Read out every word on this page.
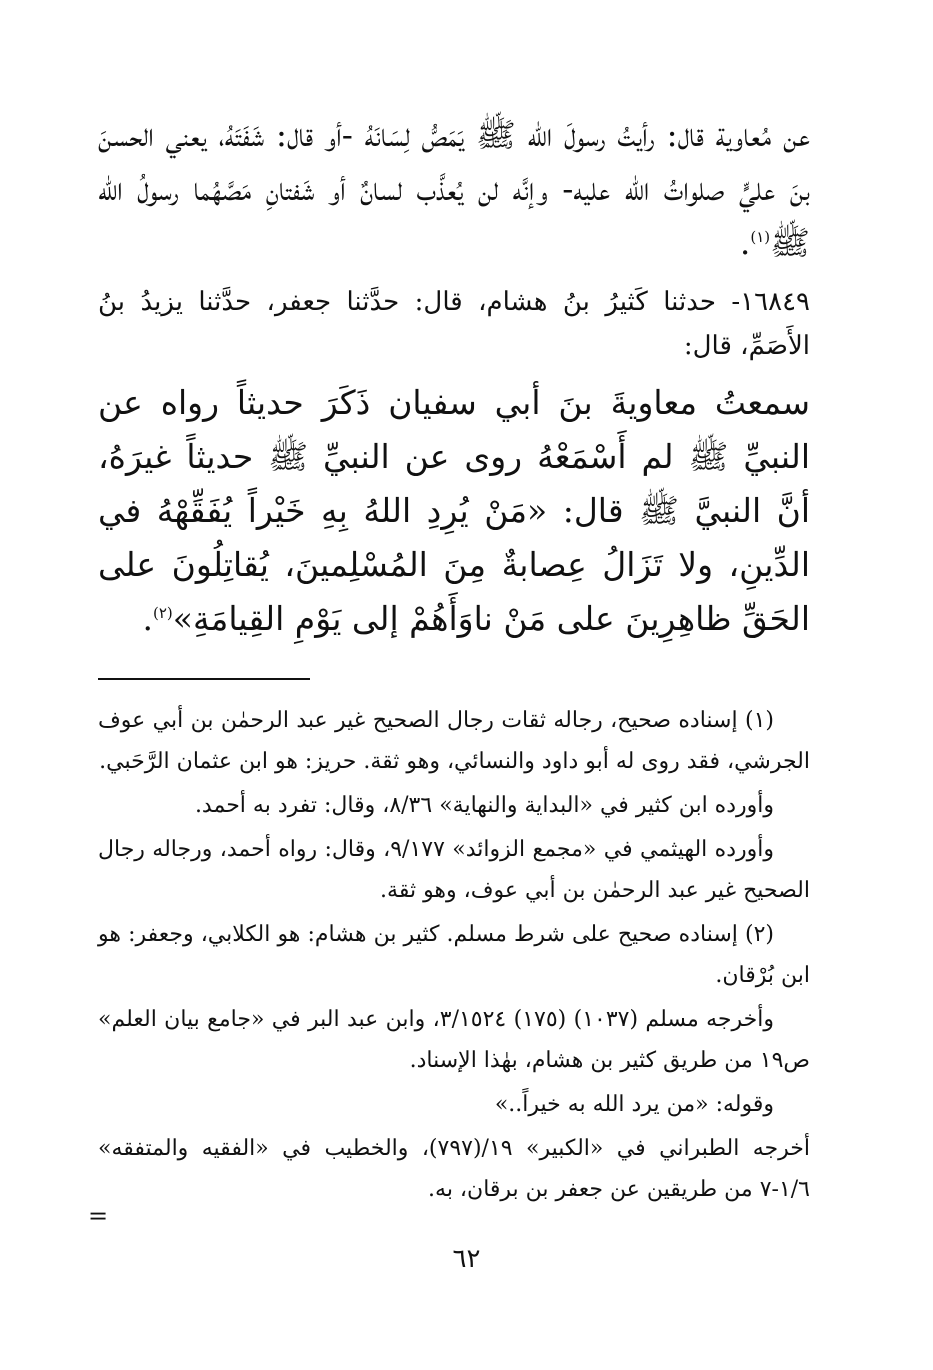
عن مُعاوية قال: رأيتُ رسولَ الله ﷺ يَمَصُّ لِسَانَهُ -أو قال: شَفَتَهُ، يعني الحسنَ بنَ عليٍّ صلواتُ الله عليه- وإنَّه لن يُعذَّب لسانٌ أو شَفتانِ مَصَّهُما رسولُ الله ﷺ$^{(١)}$.

١٦٨٤٩- حدثنا كَثيرُ بنُ هشام، قال: حدَّثنا جعفر، حدَّثنا يزيدُ بنُ الأَصَمِّ، قال:

سمعتُ معاويةَ بنَ أبي سفيان ذَكَرَ حديثاً رواه عن النبيِّ ﷺ لم أَسْمَعْهُ روى عن النبيِّ ﷺ حديثاً غيرَهُ، أنَّ النبيَّ ﷺ قال: «مَنْ يُرِدِ اللهُ بِهِ خَيْراً يُفَقِّهْهُ في الدِّينِ، ولا تَزَالُ عِصابةٌ مِنَ المُسْلِمينَ، يُقاتِلُونَ على الحَقِّ ظاهِرِينَ على مَنْ ناوَأَهُمْ إلى يَوْمِ القِيامَةِ»$^{(٢)}$.

(١) إسناده صحيح، رجاله ثقات رجال الصحيح غير عبد الرحمٰن بن أبي عوف الجرشي، فقد روى له أبو داود والنسائي، وهو ثقة. حريز: هو ابن عثمان الرَّحَبي.

وأورده ابن كثير في «البداية والنهاية» ٨/٣٦، وقال: تفرد به أحمد.

وأورده الهيثمي في «مجمع الزوائد» ٩/١٧٧، وقال: رواه أحمد، ورجاله رجال الصحيح غير عبد الرحمٰن بن أبي عوف، وهو ثقة.

(٢) إسناده صحيح على شرط مسلم. كثير بن هشام: هو الكلابي، وجعفر: هو ابن بُرْقان.

وأخرجه مسلم (١٠٣٧) (١٧٥) ٣/١٥٢٤، وابن عبد البر في «جامع بيان العلم» ص١٩ من طريق كثير بن هشام، بهٰذا الإسناد.

وقوله: «من يرد الله به خيراً..»

أخرجه الطبراني في «الكبير» ١٩/(٧٩٧)، والخطيب في «الفقيه والمتفقه» ١/٦-٧ من طريقين عن جعفر بن برقان، به.

=
٦٢
